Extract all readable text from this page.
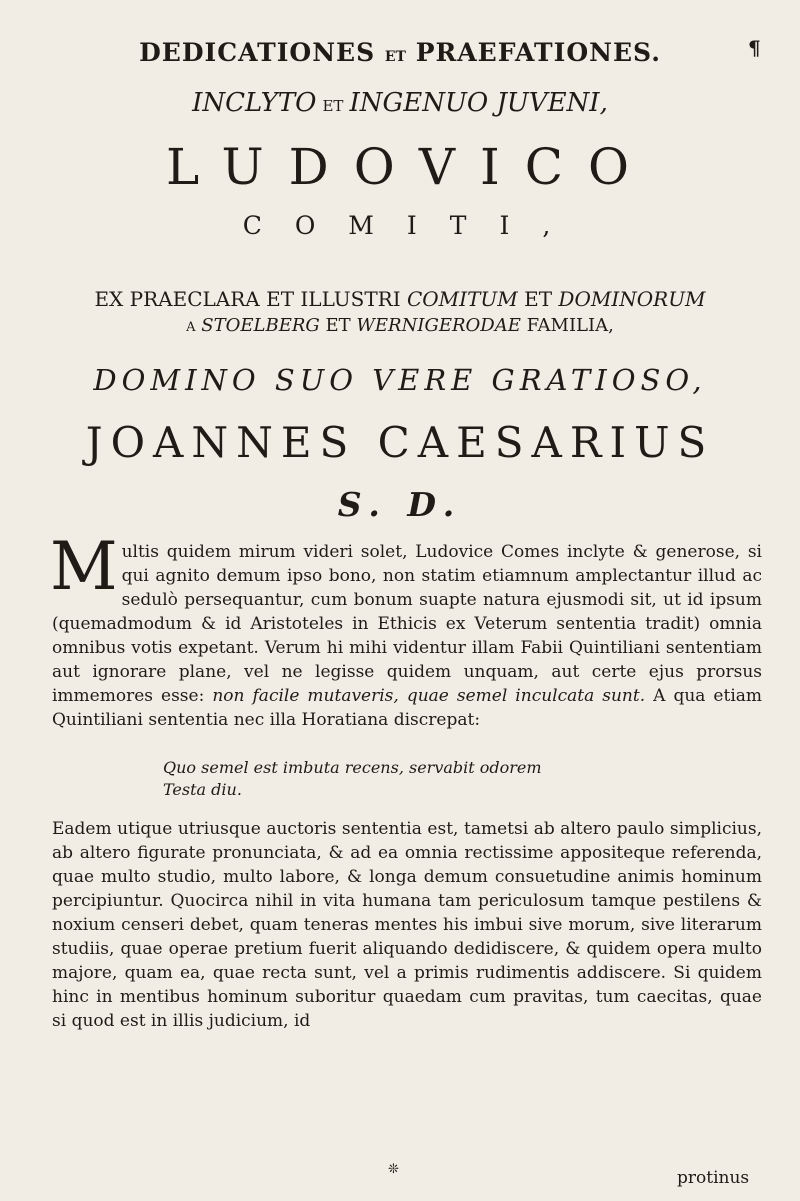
DEDICATIONES ET PRAEFATIONES.	¶
INCLYTO ET INGENUO JUVENI,
LUDOVICO
COMITI,
EX PRAECLARA ET ILLUSTRI COMITUM ET DOMINORUM
A STOELBERG ET WERNIGERODAE FAMILIA,
DOMINO SUO VERE GRATIOSO,
JOANNES CAESARIUS
S. D.
Multis quidem mirum videri solet, Ludovice Comes inclyte & generose, si qui agnito demum ipso bono, non statim etiamnum amplectantur illud ac sedulò persequantur, cum bonum suapte natura ejusmodi sit, ut id ipsum (quemadmodum & id Aristoteles in Ethicis ex Veterum sententia tradit) omnia omnibus votis expetant. Verum hi mihi videntur illam Fabii Quintiliani sententiam aut ignorare plane, vel ne legisse quidem unquam, aut certe ejus prorsus immemores esse: non facile mutaveris, quae semel inculcata sunt. A qua etiam Quintiliani sententia nec illa Horatiana discrepat:
Quo semel est imbuta recens, servabit odorem
Testa diu.
Eadem utique utriusque auctoris sententia est, tametsi ab altero paulo simplicius, ab altero figurate pronunciata, & ad ea omnia rectissime appositeque referenda, quae multo studio, multo labore, & longa demum consuetudine animis hominum percipiuntur. Quocirca nihil in vita humana tam periculosum tamque pestilens & noxium censeri debet, quam teneras mentes his imbui sive morum, sive literarum studiis, quae operae pretium fuerit aliquando dedidiscere, & quidem opera multo majore, quam ea, quae recta sunt, vel a primis rudimentis addiscere. Si quidem hinc in mentibus hominum suboritur quaedam cum pravitas, tum caecitas, quae si quod est in illis judicium, id
❊	protinus
